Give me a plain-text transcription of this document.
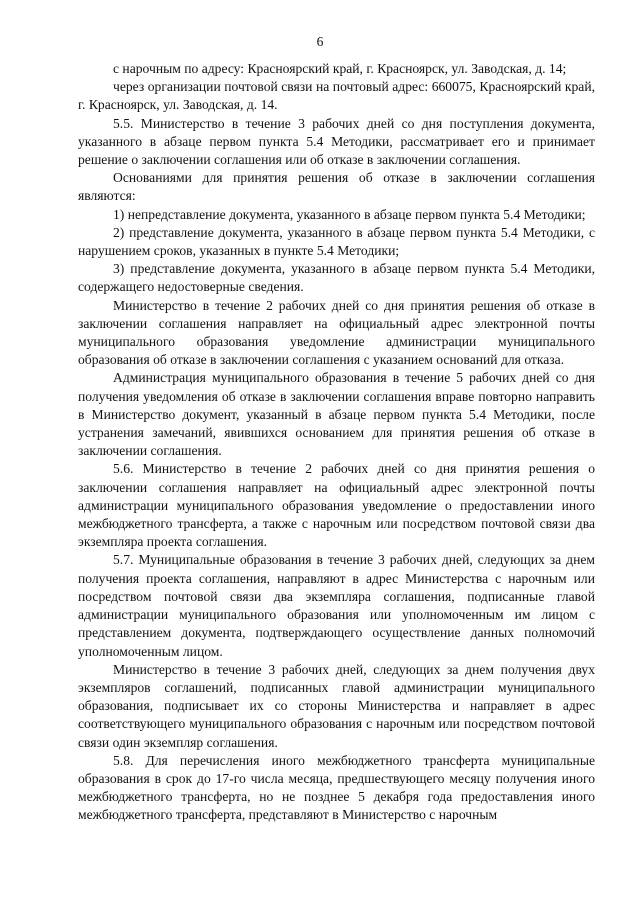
6

с нарочным по адресу: Красноярский край, г. Красноярск, ул. Заводская, д. 14;

через организации почтовой связи на почтовый адрес: 660075, Красноярский край, г. Красноярск, ул. Заводская, д. 14.

5.5. Министерство в течение 3 рабочих дней со дня поступления документа, указанного в абзаце первом пункта 5.4 Методики, рассматривает его и принимает решение о заключении соглашения или об отказе в заключении соглашения.

Основаниями для принятия решения об отказе в заключении соглашения являются:

1) непредставление документа, указанного в абзаце первом пункта 5.4 Методики;

2) представление документа, указанного в абзаце первом пункта 5.4 Методики, с нарушением сроков, указанных в пункте 5.4 Методики;

3) представление документа, указанного в абзаце первом пункта 5.4 Методики, содержащего недостоверные сведения.

Министерство в течение 2 рабочих дней со дня принятия решения об отказе в заключении соглашения направляет на официальный адрес электронной почты муниципального образования уведомление администрации муниципального образования об отказе в заключении соглашения с указанием оснований для отказа.

Администрация муниципального образования в течение 5 рабочих дней со дня получения уведомления об отказе в заключении соглашения вправе повторно направить в Министерство документ, указанный в абзаце первом пункта 5.4 Методики, после устранения замечаний, явившихся основанием для принятия решения об отказе в заключении соглашения.

5.6. Министерство в течение 2 рабочих дней со дня принятия решения о заключении соглашения направляет на официальный адрес электронной почты администрации муниципального образования уведомление о предоставлении иного межбюджетного трансферта, а также с нарочным или посредством почтовой связи два экземпляра проекта соглашения.

5.7. Муниципальные образования в течение 3 рабочих дней, следующих за днем получения проекта соглашения, направляют в адрес Министерства с нарочным или посредством почтовой связи два экземпляра соглашения, подписанные главой администрации муниципального образования или уполномоченным им лицом с представлением документа, подтверждающего осуществление данных полномочий уполномоченным лицом.

Министерство в течение 3 рабочих дней, следующих за днем получения двух экземпляров соглашений, подписанных главой администрации муниципального образования, подписывает их со стороны Министерства и направляет в адрес соответствующего муниципального образования с нарочным или посредством почтовой связи один экземпляр соглашения.

5.8. Для перечисления иного межбюджетного трансферта муниципальные образования в срок до 17-го числа месяца, предшествующего месяцу получения иного межбюджетного трансферта, но не позднее 5 декабря года предоставления иного межбюджетного трансферта, представляют в Министерство с нарочным
